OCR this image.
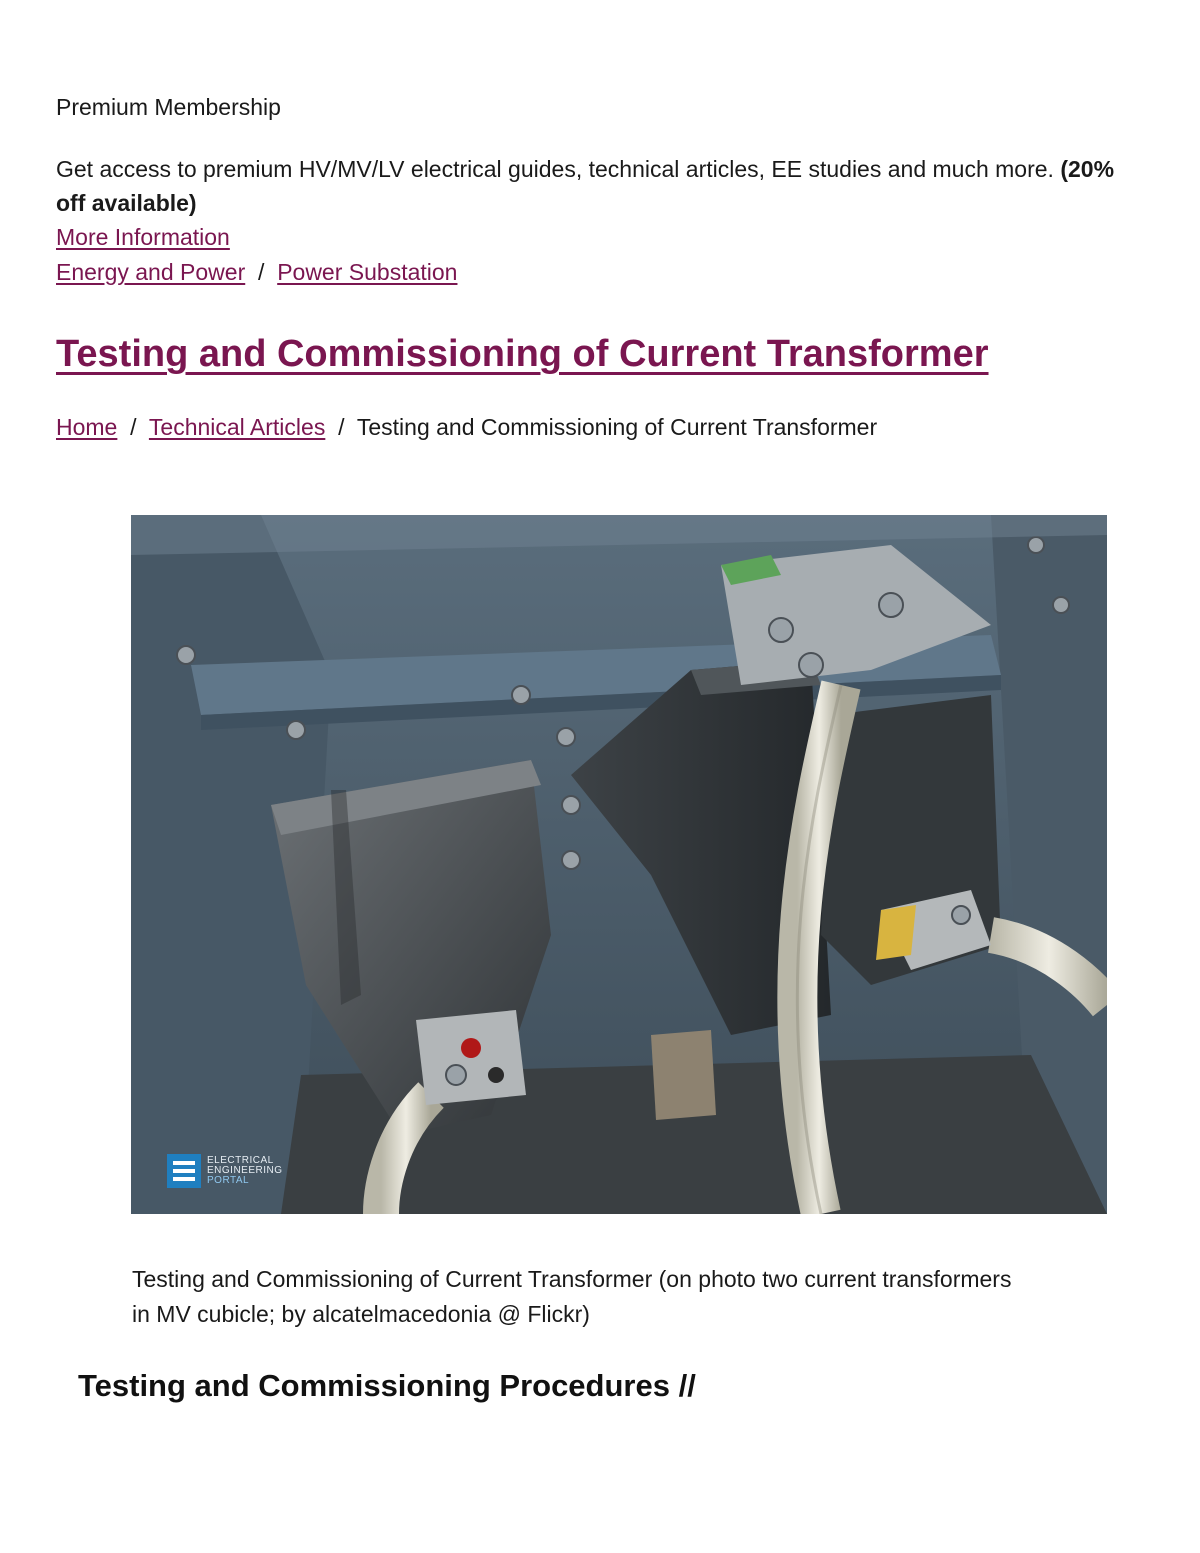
Premium Membership
Get access to premium HV/MV/LV electrical guides, technical articles, EE studies and much more. (20% off available)
More Information
Energy and Power  /  Power Substation
Testing and Commissioning of Current Transformer
Home  /  Technical Articles  /  Testing and Commissioning of Current Transformer
ELECTRICAL
ENGINEERING
PORTAL
Testing and Commissioning of Current Transformer (on photo two current transformers in MV cubicle; by alcatelmacedonia @ Flickr)
Testing and Commissioning Procedures //
